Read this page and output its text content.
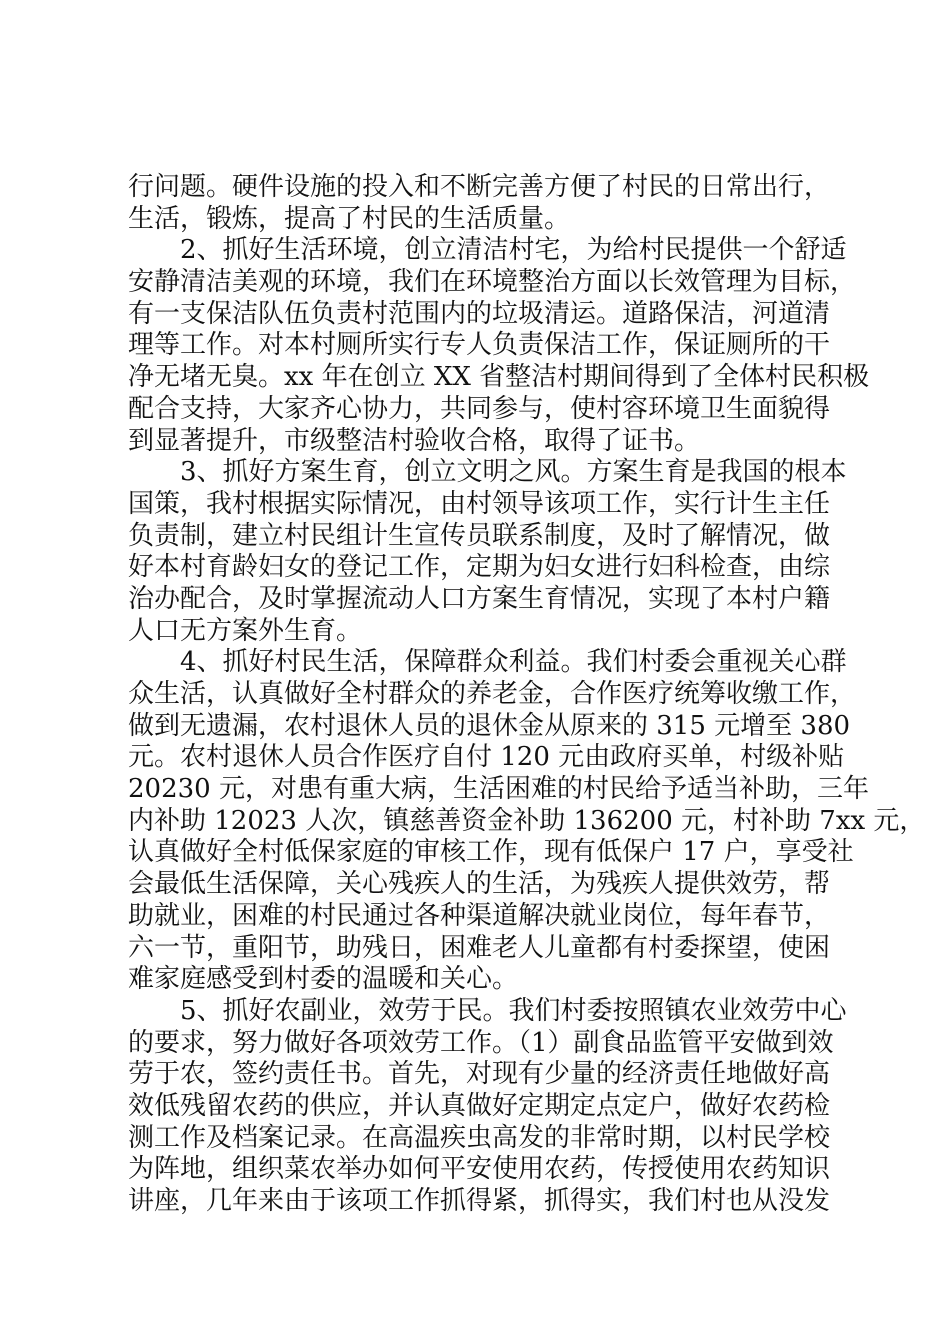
行问题。硬件设施的投入和不断完善方便了村民的日常出行，
生活，锻炼，提高了村民的生活质量。
2、抓好生活环境，创立清洁村宅，为给村民提供一个舒适
安静清洁美观的环境，我们在环境整治方面以长效管理为目标，
有一支保洁队伍负责村范围内的垃圾清运。道路保洁，河道清
理等工作。对本村厕所实行专人负责保洁工作，保证厕所的干
净无堵无臭。xx 年在创立 XX 省整洁村期间得到了全体村民积极
配合支持，大家齐心协力，共同参与，使村容环境卫生面貌得
到显著提升，市级整洁村验收合格，取得了证书。
3、抓好方案生育，创立文明之风。方案生育是我国的根本
国策，我村根据实际情况，由村领导该项工作，实行计生主任
负责制，建立村民组计生宣传员联系制度，及时了解情况，做
好本村育龄妇女的登记工作，定期为妇女进行妇科检查，由综
治办配合，及时掌握流动人口方案生育情况，实现了本村户籍
人口无方案外生育。
4、抓好村民生活，保障群众利益。我们村委会重视关心群
众生活，认真做好全村群众的养老金，合作医疗统筹收缴工作，
做到无遗漏，农村退休人员的退休金从原来的 315 元增至 380
元。农村退休人员合作医疗自付 120 元由政府买单，村级补贴
20230 元，对患有重大病，生活困难的村民给予适当补助，三年
内补助 12023 人次，镇慈善资金补助 136200 元，村补助 7xx 元，
认真做好全村低保家庭的审核工作，现有低保户 17 户，享受社
会最低生活保障，关心残疾人的生活，为残疾人提供效劳，帮
助就业，困难的村民通过各种渠道解决就业岗位，每年春节，
六一节，重阳节，助残日，困难老人儿童都有村委探望，使困
难家庭感受到村委的温暖和关心。
5、抓好农副业，效劳于民。我们村委按照镇农业效劳中心
的要求，努力做好各项效劳工作。（1）副食品监管平安做到效
劳于农，签约责任书。首先，对现有少量的经济责任地做好高
效低残留农药的供应，并认真做好定期定点定户，做好农药检
测工作及档案记录。在高温疾虫高发的非常时期，以村民学校
为阵地，组织菜农举办如何平安使用农药，传授使用农药知识
讲座，几年来由于该项工作抓得紧，抓得实，我们村也从没发
